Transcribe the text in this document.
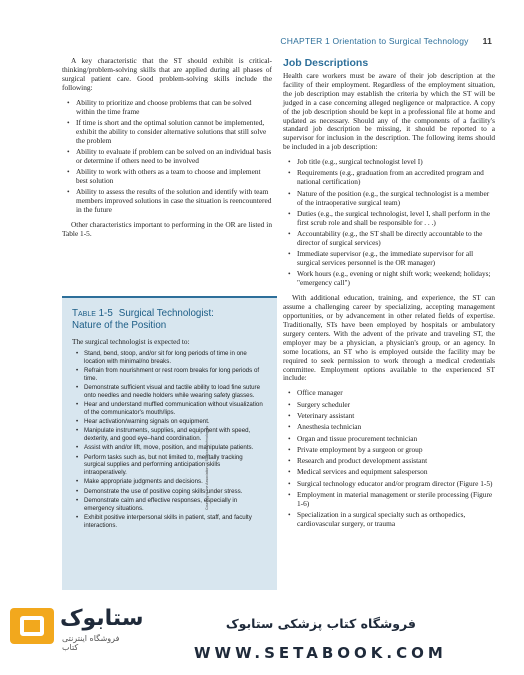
CHAPTER 1 Orientation to Surgical Technology 11

A key characteristic that the ST should exhibit is critical-thinking/problem-solving skills that are applied during all phases of surgical patient care. Good problem-solving skills include the following:

• Ability to prioritize and choose problems that can be solved within the time frame
• If time is short and the optimal solution cannot be implemented, exhibit the ability to consider alternative solutions that still solve the problem
• Ability to evaluate if problem can be solved on an individual basis or determine if others need to be involved
• Ability to work with others as a team to choose and implement best solution
• Ability to assess the results of the solution and identify with team members improved solutions in case the situation is reencountered in the future

Other characteristics important to performing in the OR are listed in Table 1-5.

Table 1-5 Surgical Technologist:
Nature of the Position

The surgical technologist is expected to:

• Stand, bend, stoop, and/or sit for long periods of time in one location with minimal/no breaks.
• Refrain from nourishment or rest room breaks for long periods of time.
• Demonstrate sufficient visual and tactile ability to load fine suture onto needles and needle holders while wearing safety glasses.
• Hear and understand muffled communication without visualization of the communicator's mouth/lips.
• Hear activation/warning signals on equipment.
• Manipulate instruments, supplies, and equipment with speed, dexterity, and good eye–hand coordination.
• Assist with and/or lift, move, position, and manipulate patients.
• Perform tasks such as, but not limited to, mentally tracking surgical supplies and performing anticipation skills intraoperatively.
• Make appropriate judgments and decisions.
• Demonstrate the use of positive coping skills under stress.
• Demonstrate calm and effective responses, especially in emergency situations.
• Exhibit positive interpersonal skills in patient, staff, and faculty interactions.
Courtesy of the Association of Surgical Technologists
Job Descriptions

Health care workers must be aware of their job description at the facility of their employment. Regardless of the employment situation, the job description may establish the criteria by which the ST will be judged in a case concerning alleged negligence or malpractice. A copy of the job description should be kept in a professional file at home and updated as necessary. Should any of the components of a facility's standard job description be missing, it should be reported to a supervisor for inclusion in the description. The following items should be included in a job description:

• Job title (e.g., surgical technologist level I)
• Requirements (e.g., graduation from an accredited program and national certification)
• Nature of the position (e.g., the surgical technologist is a member of the intraoperative surgical team)
• Duties (e.g., the surgical technologist, level I, shall perform in the first scrub role and shall be responsible for . . .)
• Accountability (e.g., the ST shall be directly accountable to the director of surgical services)
• Immediate supervisor (e.g., the immediate supervisor for all surgical services personnel is the OR manager)
• Work hours (e.g., evening or night shift work; weekend; holidays; "emergency call")

With additional education, training, and experience, the ST can assume a challenging career by specializing, accepting management opportunities, or by advancement in other related fields of expertise. Traditionally, STs have been employed by hospitals or ambulatory surgery centers. With the advent of the private and traveling ST, the employer may be a physician, a physician's group, or an agency. In some locations, an ST who is employed outside the facility may be required to seek permission to work through a medical credentials committee. Employment options available to the experienced ST include:

• Office manager
• Surgery scheduler
• Veterinary assistant
• Anesthesia technician
• Organ and tissue procurement technician
• Private employment by a surgeon or group
• Research and product development assistant
• Medical services and equipment salesperson
• Surgical technology educator and/or program director (Figure 1-5)
• Employment in material management or sterile processing (Figure 1-6)
• Specialization in a surgical specialty such as orthopedics, cardiovascular surgery, or trauma
ستابوک
فروشگاه اینترنتی کتاب
فروشگاه کتاب پزشکی ستابوک
WWW.SETABOOK.COM
